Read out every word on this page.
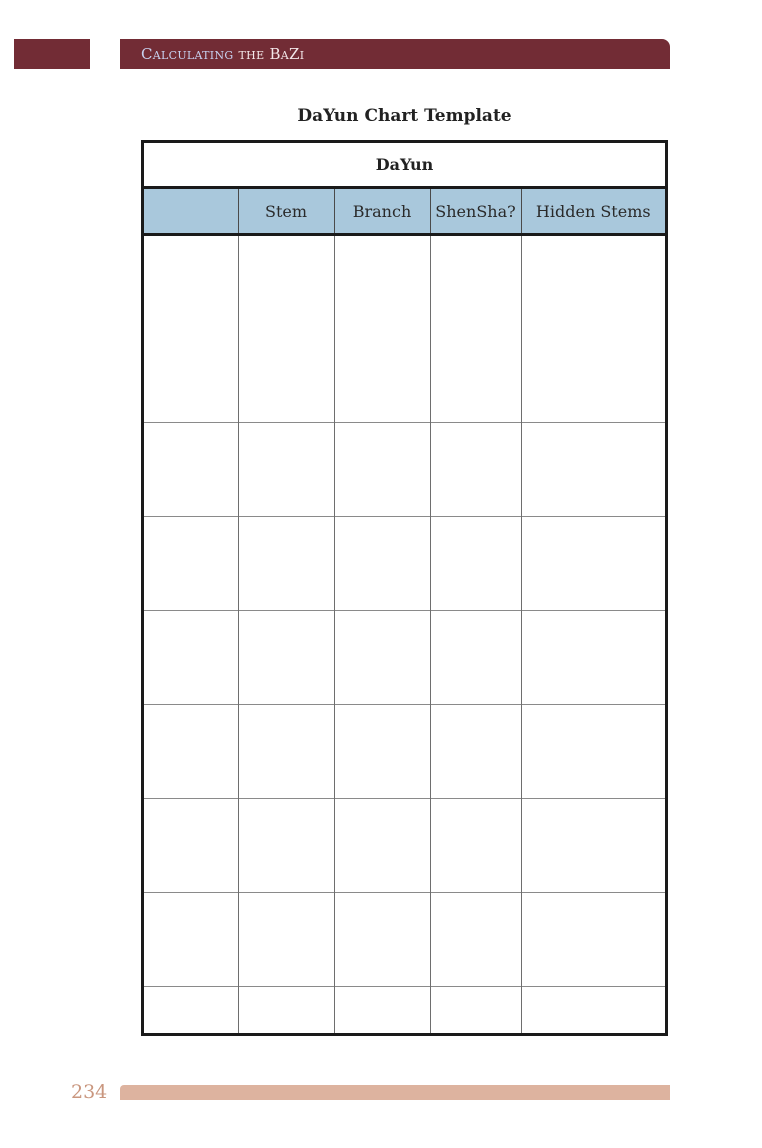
Calculating the BaZi
DaYun Chart Template
DaYun				
	Stem	Branch	ShenSha?	Hidden Stems

234
